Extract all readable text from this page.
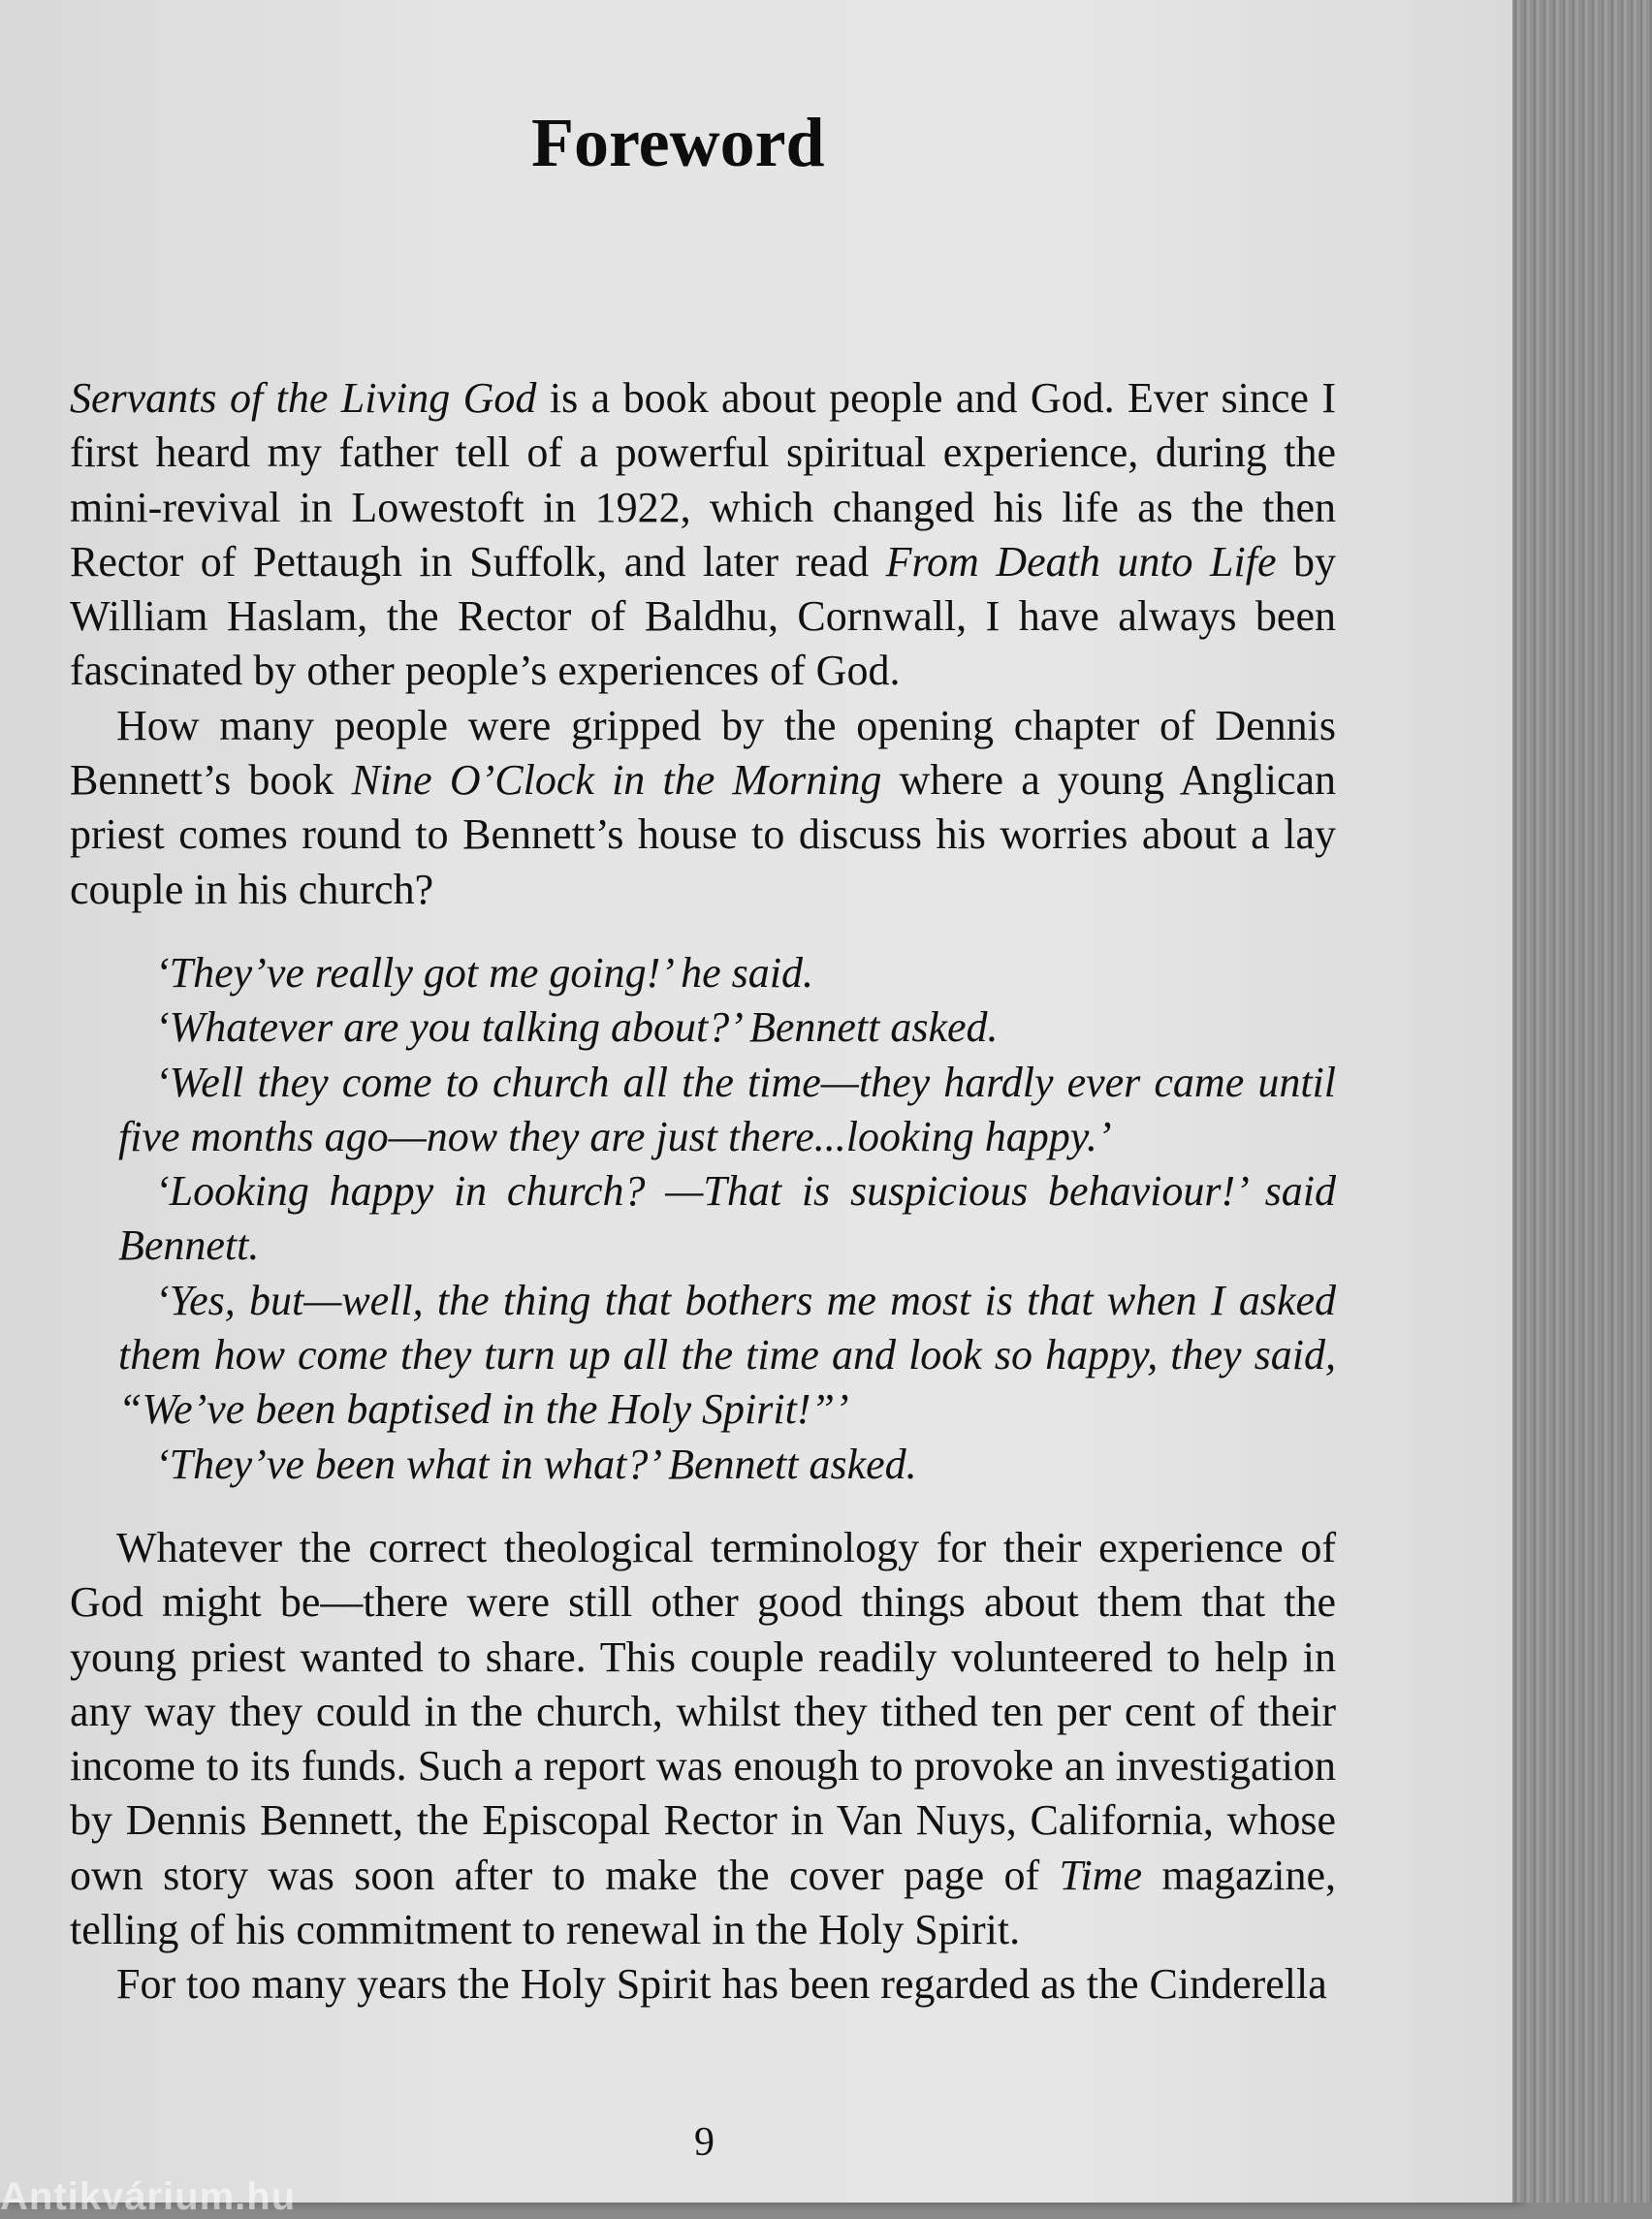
Foreword

Servants of the Living God is a book about people and God. Ever since I first heard my father tell of a powerful spiritual experience, during the mini-revival in Lowestoft in 1922, which changed his life as the then Rector of Pettaugh in Suffolk, and later read From Death unto Life by William Haslam, the Rector of Baldhu, Cornwall, I have always been fascinated by other people’s experiences of God.

How many people were gripped by the opening chapter of Dennis Bennett’s book Nine O’Clock in the Morning where a young Anglican priest comes round to Bennett’s house to discuss his worries about a lay couple in his church?

‘They’ve really got me going!’ he said.

‘Whatever are you talking about?’ Bennett asked.

‘Well they come to church all the time—they hardly ever came until five months ago—now they are just there...looking happy.’

‘Looking happy in church? —That is suspicious behaviour!’ said Bennett.

‘Yes, but—well, the thing that bothers me most is that when I asked them how come they turn up all the time and look so happy, they said, “We’ve been baptised in the Holy Spirit!”’

‘They’ve been what in what?’ Bennett asked.

Whatever the correct theological terminology for their experience of God might be—there were still other good things about them that the young priest wanted to share. This couple readily volunteered to help in any way they could in the church, whilst they tithed ten per cent of their income to its funds. Such a report was enough to provoke an investigation by Dennis Bennett, the Episcopal Rector in Van Nuys, California, whose own story was soon after to make the cover page of Time magazine, telling of his commitment to renewal in the Holy Spirit.

For too many years the Holy Spirit has been regarded as the Cinderella

9
Antikvárium.hu
